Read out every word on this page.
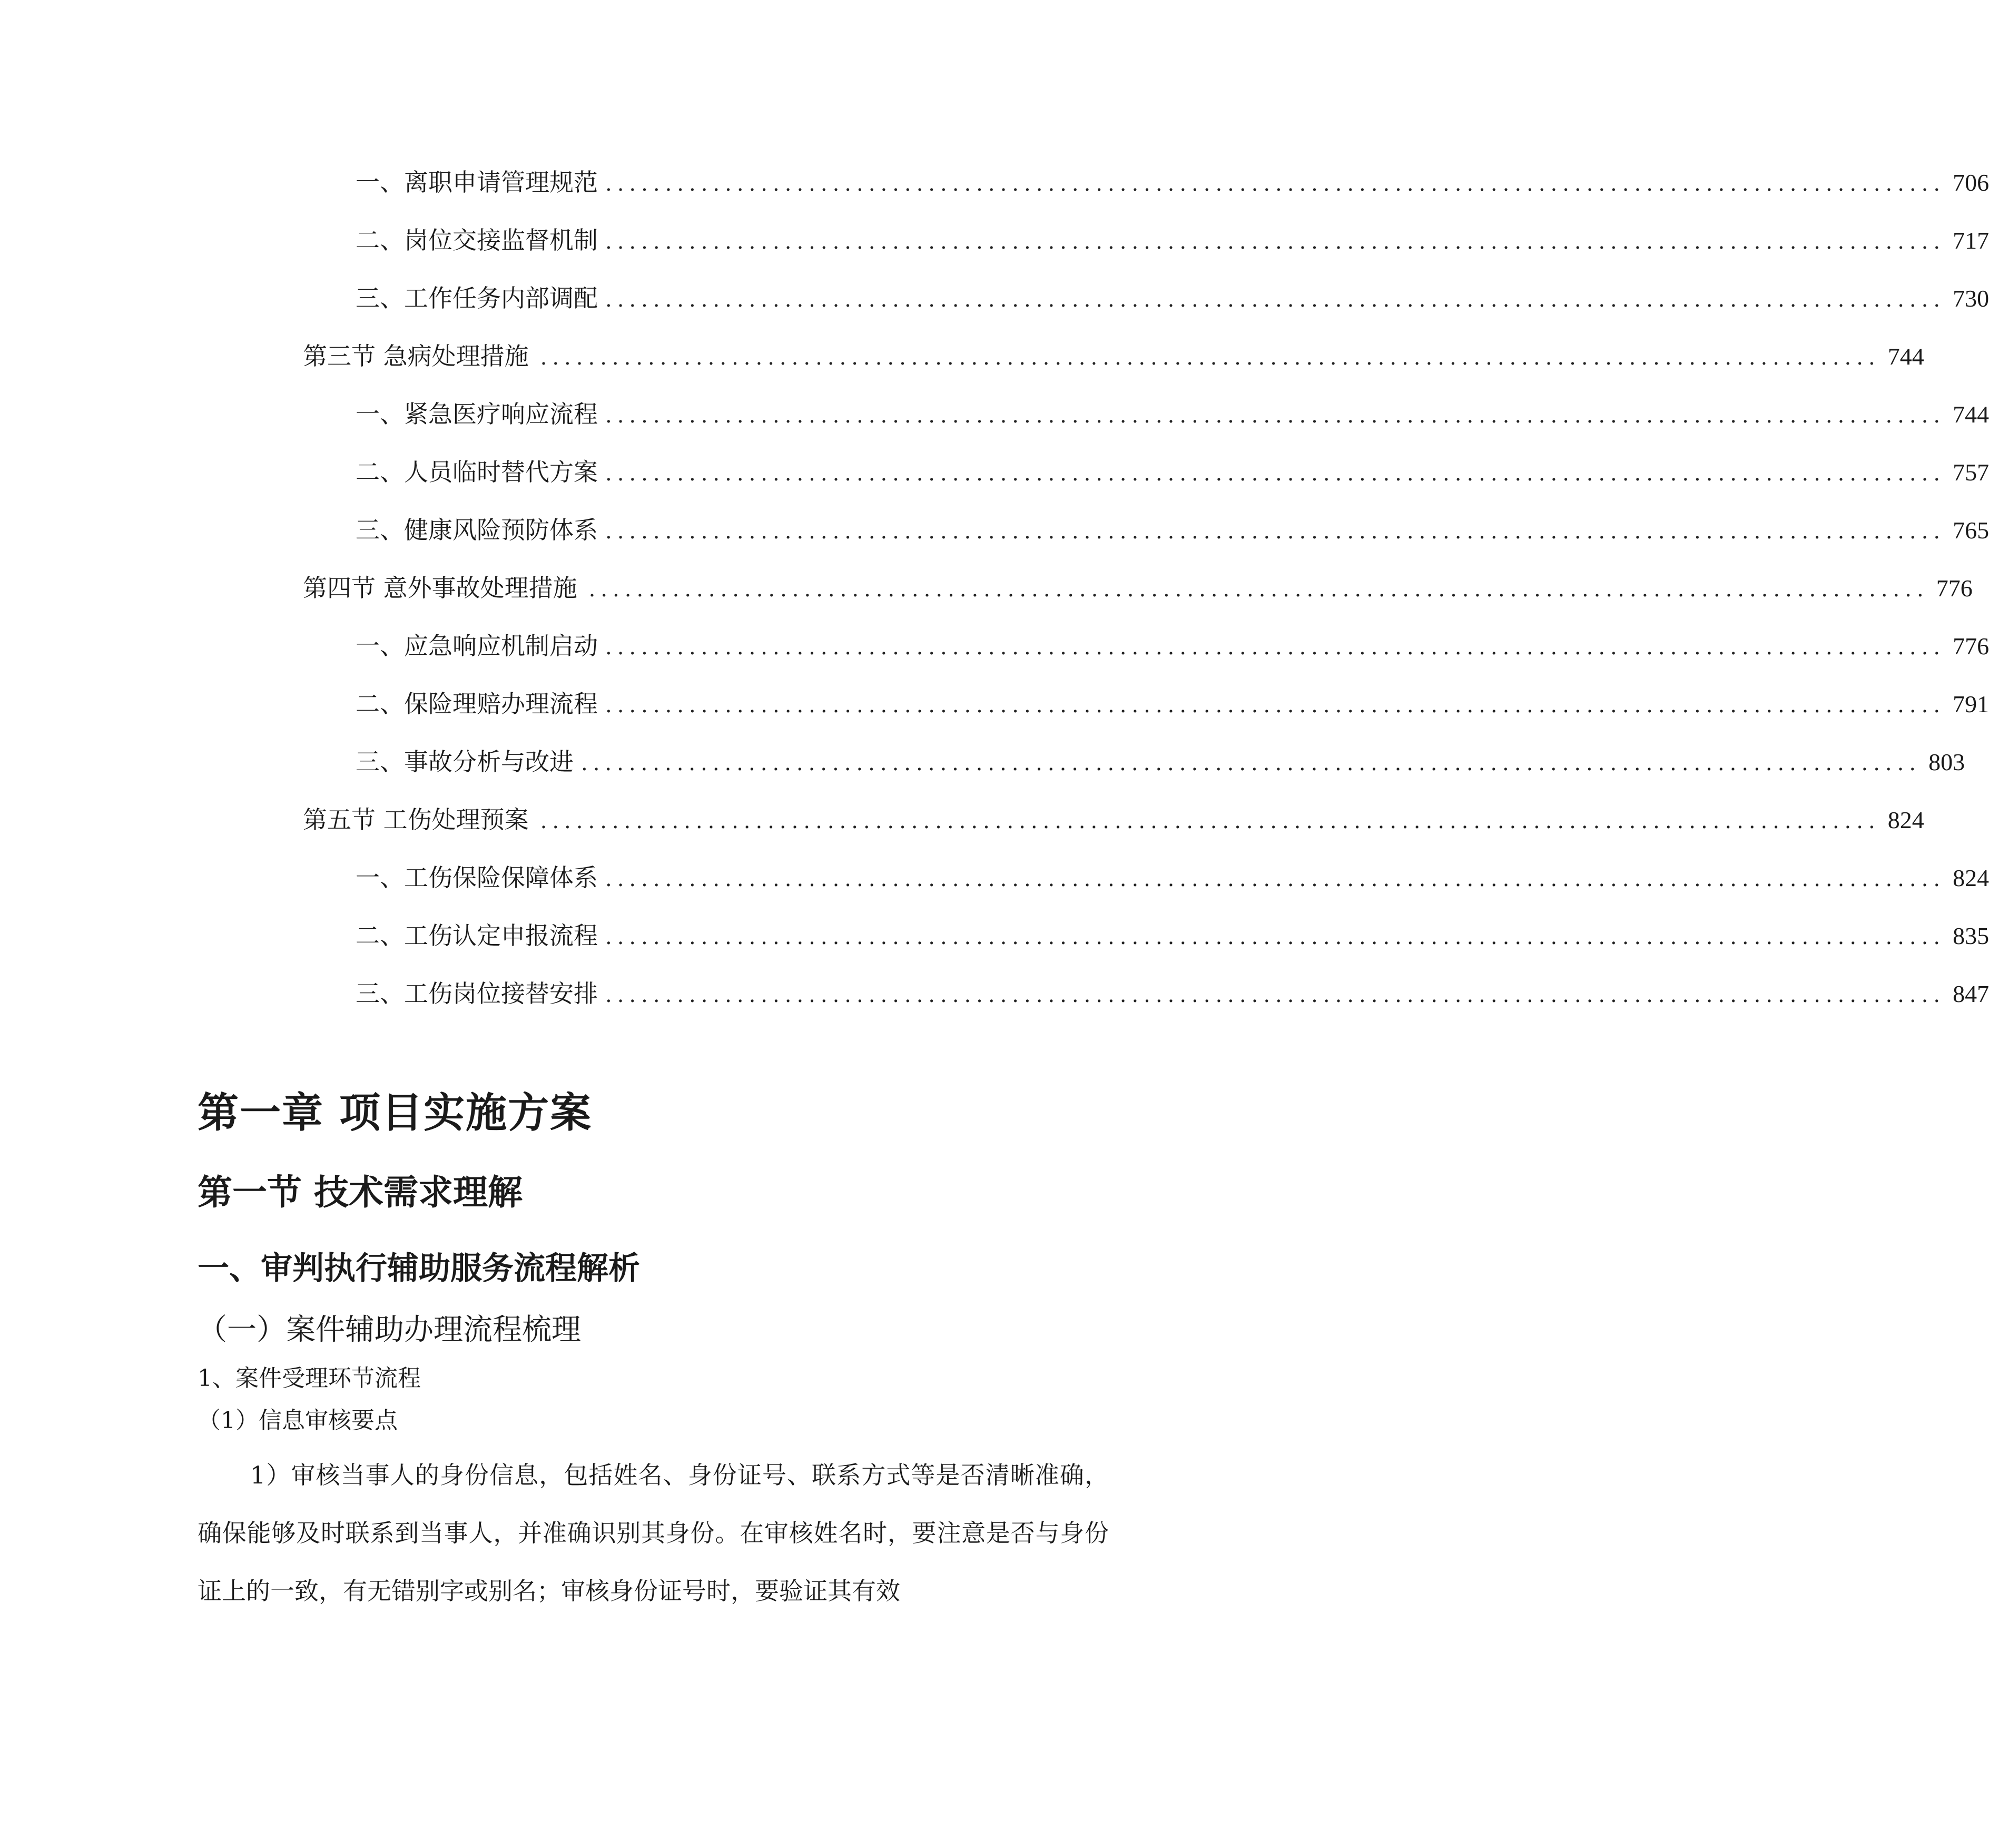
一、 离职申请管理规范 ................................................................................................................ 706
二、 岗位交接监督机制 ................................................................................................................ 717
三、 工作任务内部调配 ................................................................................................................ 730
第三节 急病处理措施 ................................................................................................................ 744
一、 紧急医疗响应流程 ................................................................................................................ 744
二、 人员临时替代方案 ................................................................................................................ 757
三、 健康风险预防体系 ................................................................................................................ 765
第四节 意外事故处理措施 ................................................................................................................ 776
一、 应急响应机制启动 ................................................................................................................ 776
二、 保险理赔办理流程 ................................................................................................................ 791
三、 事故分析与改进 ................................................................................................................ 803
第五节 工伤处理预案 ................................................................................................................ 824
一、 工伤保险保障体系 ................................................................................................................ 824
二、 工伤认定申报流程 ................................................................................................................ 835
三、 工伤岗位接替安排 ................................................................................................................ 847
第一章 项目实施方案
第一节 技术需求理解
一、审判执行辅助服务流程解析
（一）案件辅助办理流程梳理
1、案件受理环节流程
（1）信息审核要点
1）审核当事人的身份信息，包括姓名、身份证号、联系方式等是否清晰准确，确保能够及时联系到当事人，并准确识别其身份。在审核姓名时，要注意是否与身份证上的一致，有无错别字或别名；审核身份证号时，要验证其有效
